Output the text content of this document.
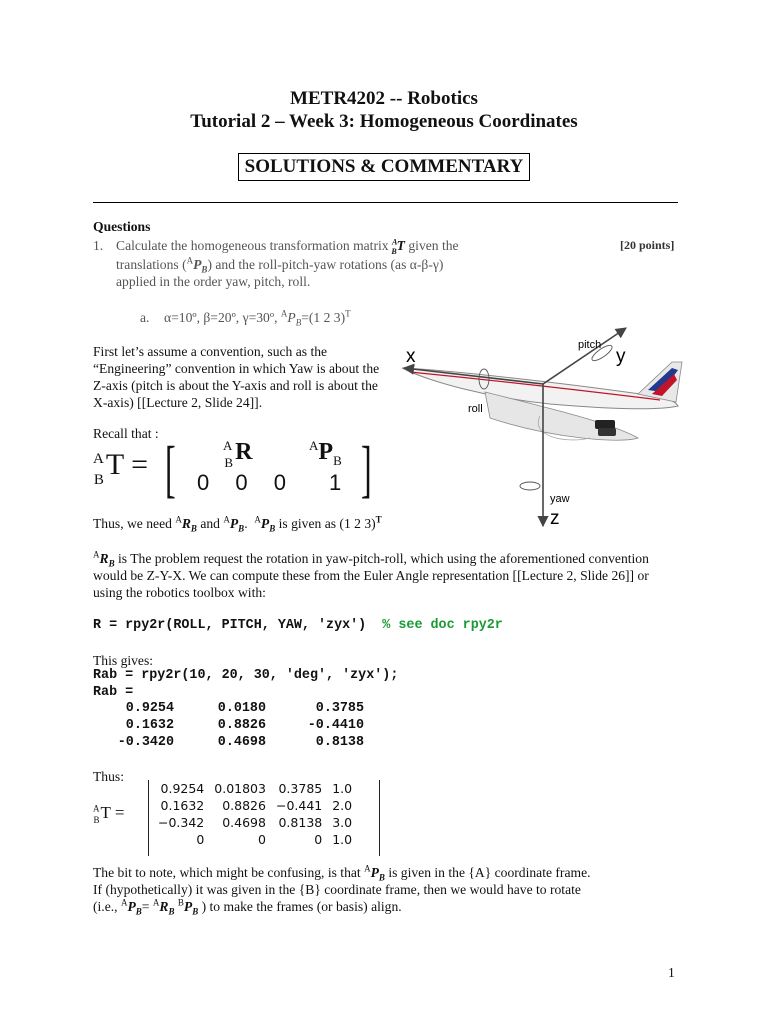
METR4202 -- Robotics
Tutorial 2 – Week 3: Homogeneous Coordinates
SOLUTIONS & COMMENTARY
Questions
1. Calculate the homogeneous transformation matrix $^A_B$T given the	[20 points]
translations $(^AP_B)$ and the roll-pitch-yaw rotations (as α-β-γ)
applied in the order yaw, pitch, roll.
a. α=10º, β=20º, γ=30º, $^AP_B=(1$ 2 3)$^T$
First let’s assume a convention, such as the “Engineering” convention in which Yaw is about the Z-axis (pitch is about the Y-axis and roll is about the X-axis) [[Lecture 2, Slide 24]].
x	y
z
pitch
roll
yaw
Recall that :
$^A_B$T = [	$^A_B$R	$^AP_B$
0 0 0 1 ]
Thus, we need $^AR_B$ and $^AP_B$.  $^AP_B$ is given as (1 2 3)$^T$
$^AR_B$ is The problem request the rotation in yaw-pitch-roll, which using the aforementioned convention would be Z-Y-X. We can compute these from the Euler Angle representation [[Lecture 2, Slide 26]] or using the robotics toolbox with:
R = rpy2r(ROLL, PITCH, YAW, 'zyx') % see doc rpy2r
This gives:
Rab = rpy2r(10, 20, 30, 'deg', 'zyx');
Rab =
0.9254	0.0180	0.3785
0.1632	0.8826	-0.4410
-0.3420	0.4698	0.8138
Thus:
$^A_B$T =
0.9254	0.01803	0.3785	1.0
0.1632	0.8826	−0.441	2.0
−0.342	0.4698	0.8138	3.0
0	0	0	1.0
The bit to note, which might be confusing, is that $^AP_B$ is given in the {A} coordinate frame.
If (hypothetically) it was given in the {B} coordinate frame, then we would have to rotate
(i.e., $^AP_B= ^AR_B$ $^BP_B$ ) to make the frames (or basis) align.
1
